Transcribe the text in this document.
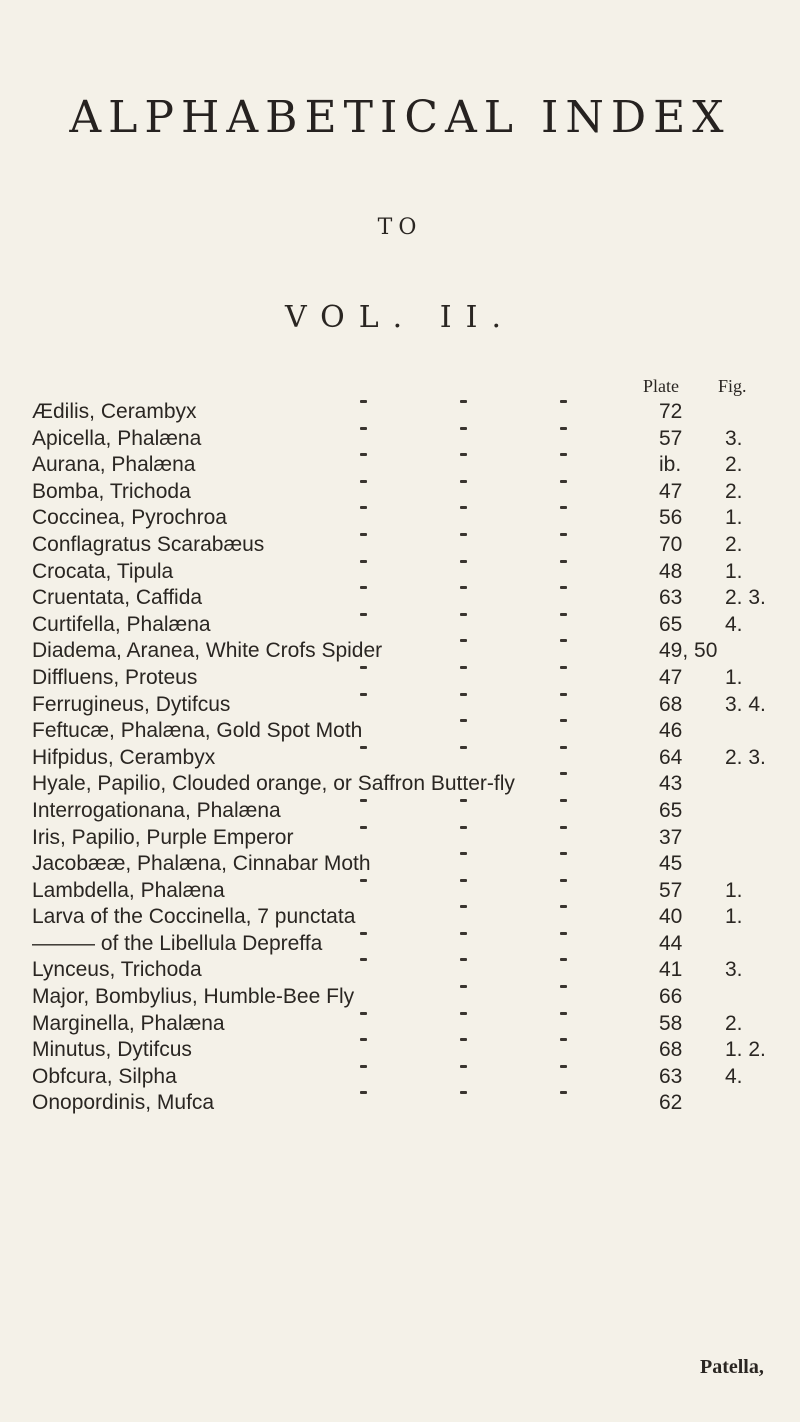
ALPHABETICAL INDEX
TO
VOL. II.
Plate Fig.
Ædilis, Cerambyx	72
Apicella, Phalæna	57 3.
Aurana, Phalæna	ib. 2.
Bomba, Trichoda	47 2.
Coccinea, Pyrochroa	56 1.
Conflagratus Scarabæus	70 2.
Crocata, Tipula	48 1.
Cruentata, Caffida	63 2. 3.
Curtifella, Phalæna	65 4.
Diadema, Aranea, White Crofs Spider	49, 50
Diffluens, Proteus	47 1.
Ferrugineus, Dytifcus	68 3. 4.
Feftucæ, Phalæna, Gold Spot Moth	46
Hifpidus, Cerambyx	64 2. 3.
Hyale, Papilio, Clouded orange, or Saffron Butter-fly	43
Interrogationana, Phalæna	65
Iris, Papilio, Purple Emperor	37
Jacobææ, Phalæna, Cinnabar Moth	45
Lambdella, Phalæna	57 1.
Larva of the Coccinella, 7 punctata	40 1.
——— of the Libellula Depreffa	44
Lynceus, Trichoda	41 3.
Major, Bombylius, Humble-Bee Fly	66
Marginella, Phalæna	58 2.
Minutus, Dytifcus	68 1. 2.
Obfcura, Silpha	63 4.
Onopordinis, Mufca	62
Patella,
